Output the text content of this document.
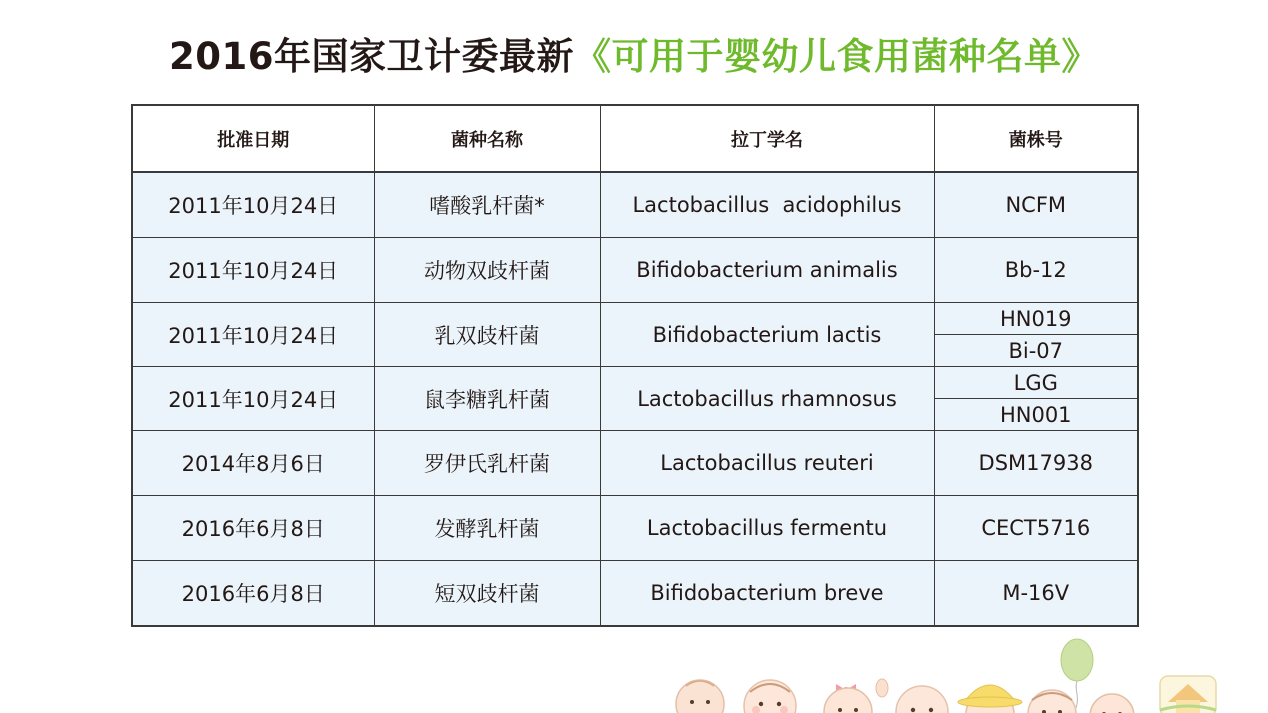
2016年国家卫计委最新《可用于婴幼儿食用菌种名单》
批准日期	菌种名称	拉丁学名	菌株号
2011年10月24日	嗜酸乳杆菌*	Lactobacillus  acidophilus	NCFM
2011年10月24日	动物双歧杆菌	Bifidobacterium animalis	Bb-12
2011年10月24日	乳双歧杆菌	Bifidobacterium lactis	HN019
			Bi-07
2011年10月24日	鼠李糖乳杆菌	Lactobacillus rhamnosus	LGG
			HN001
2014年8月6日	罗伊氏乳杆菌	Lactobacillus reuteri	DSM17938
2016年6月8日	发酵乳杆菌	Lactobacillus fermentu	CECT5716
2016年6月8日	短双歧杆菌	Bifidobacterium breve	M-16V
